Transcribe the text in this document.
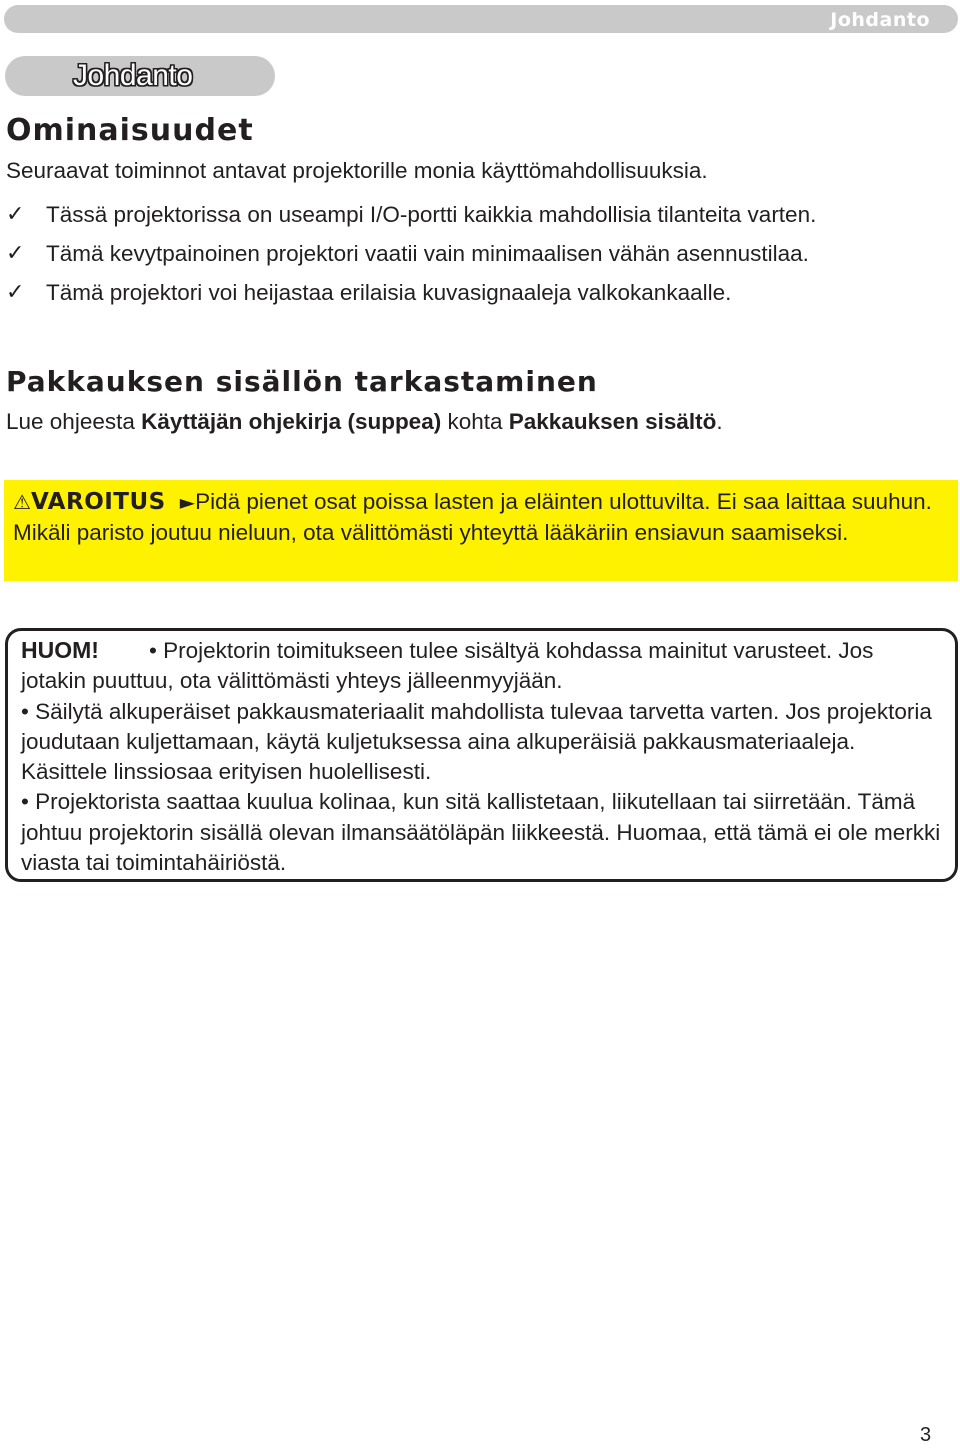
Johdanto
Johdanto
Ominaisuudet

Seuraavat toiminnot antavat projektorille monia käyttömahdollisuuksia.

✓ Tässä projektorissa on useampi I/O-portti kaikkia mahdollisia tilanteita varten.
✓ Tämä kevytpainoinen projektori vaatii vain minimaalisen vähän asennustilaa.
✓ Tämä projektori voi heijastaa erilaisia kuvasignaaleja valkokankaalle.
Pakkauksen sisällön tarkastaminen

Lue ohjeesta Käyttäjän ohjekirja (suppea) kohta Pakkauksen sisältö.

⚠VAROITUS ►Pidä pienet osat poissa lasten ja eläinten ulottuvilta. Ei saa laittaa suuhun. Mikäli paristo joutuu nieluun, ota välittömästi yhteyttä lääkäriin ensiavun saamiseksi.
HUOM! • Projektorin toimitukseen tulee sisältyä kohdassa mainitut varusteet. Jos jotakin puuttuu, ota välittömästi yhteys jälleenmyyjään.
• Säilytä alkuperäiset pakkausmateriaalit mahdollista tulevaa tarvetta varten. Jos projektoria joudutaan kuljettamaan, käytä kuljetuksessa aina alkuperäisiä pakkausmateriaaleja. Käsittele linssiosaa erityisen huolellisesti.
• Projektorista saattaa kuulua kolinaa, kun sitä kallistetaan, liikutellaan tai siirretään. Tämä johtuu projektorin sisällä olevan ilmansäätöläpän liikkeestä. Huomaa, että tämä ei ole merkki viasta tai toimintahäiriöstä.
3
